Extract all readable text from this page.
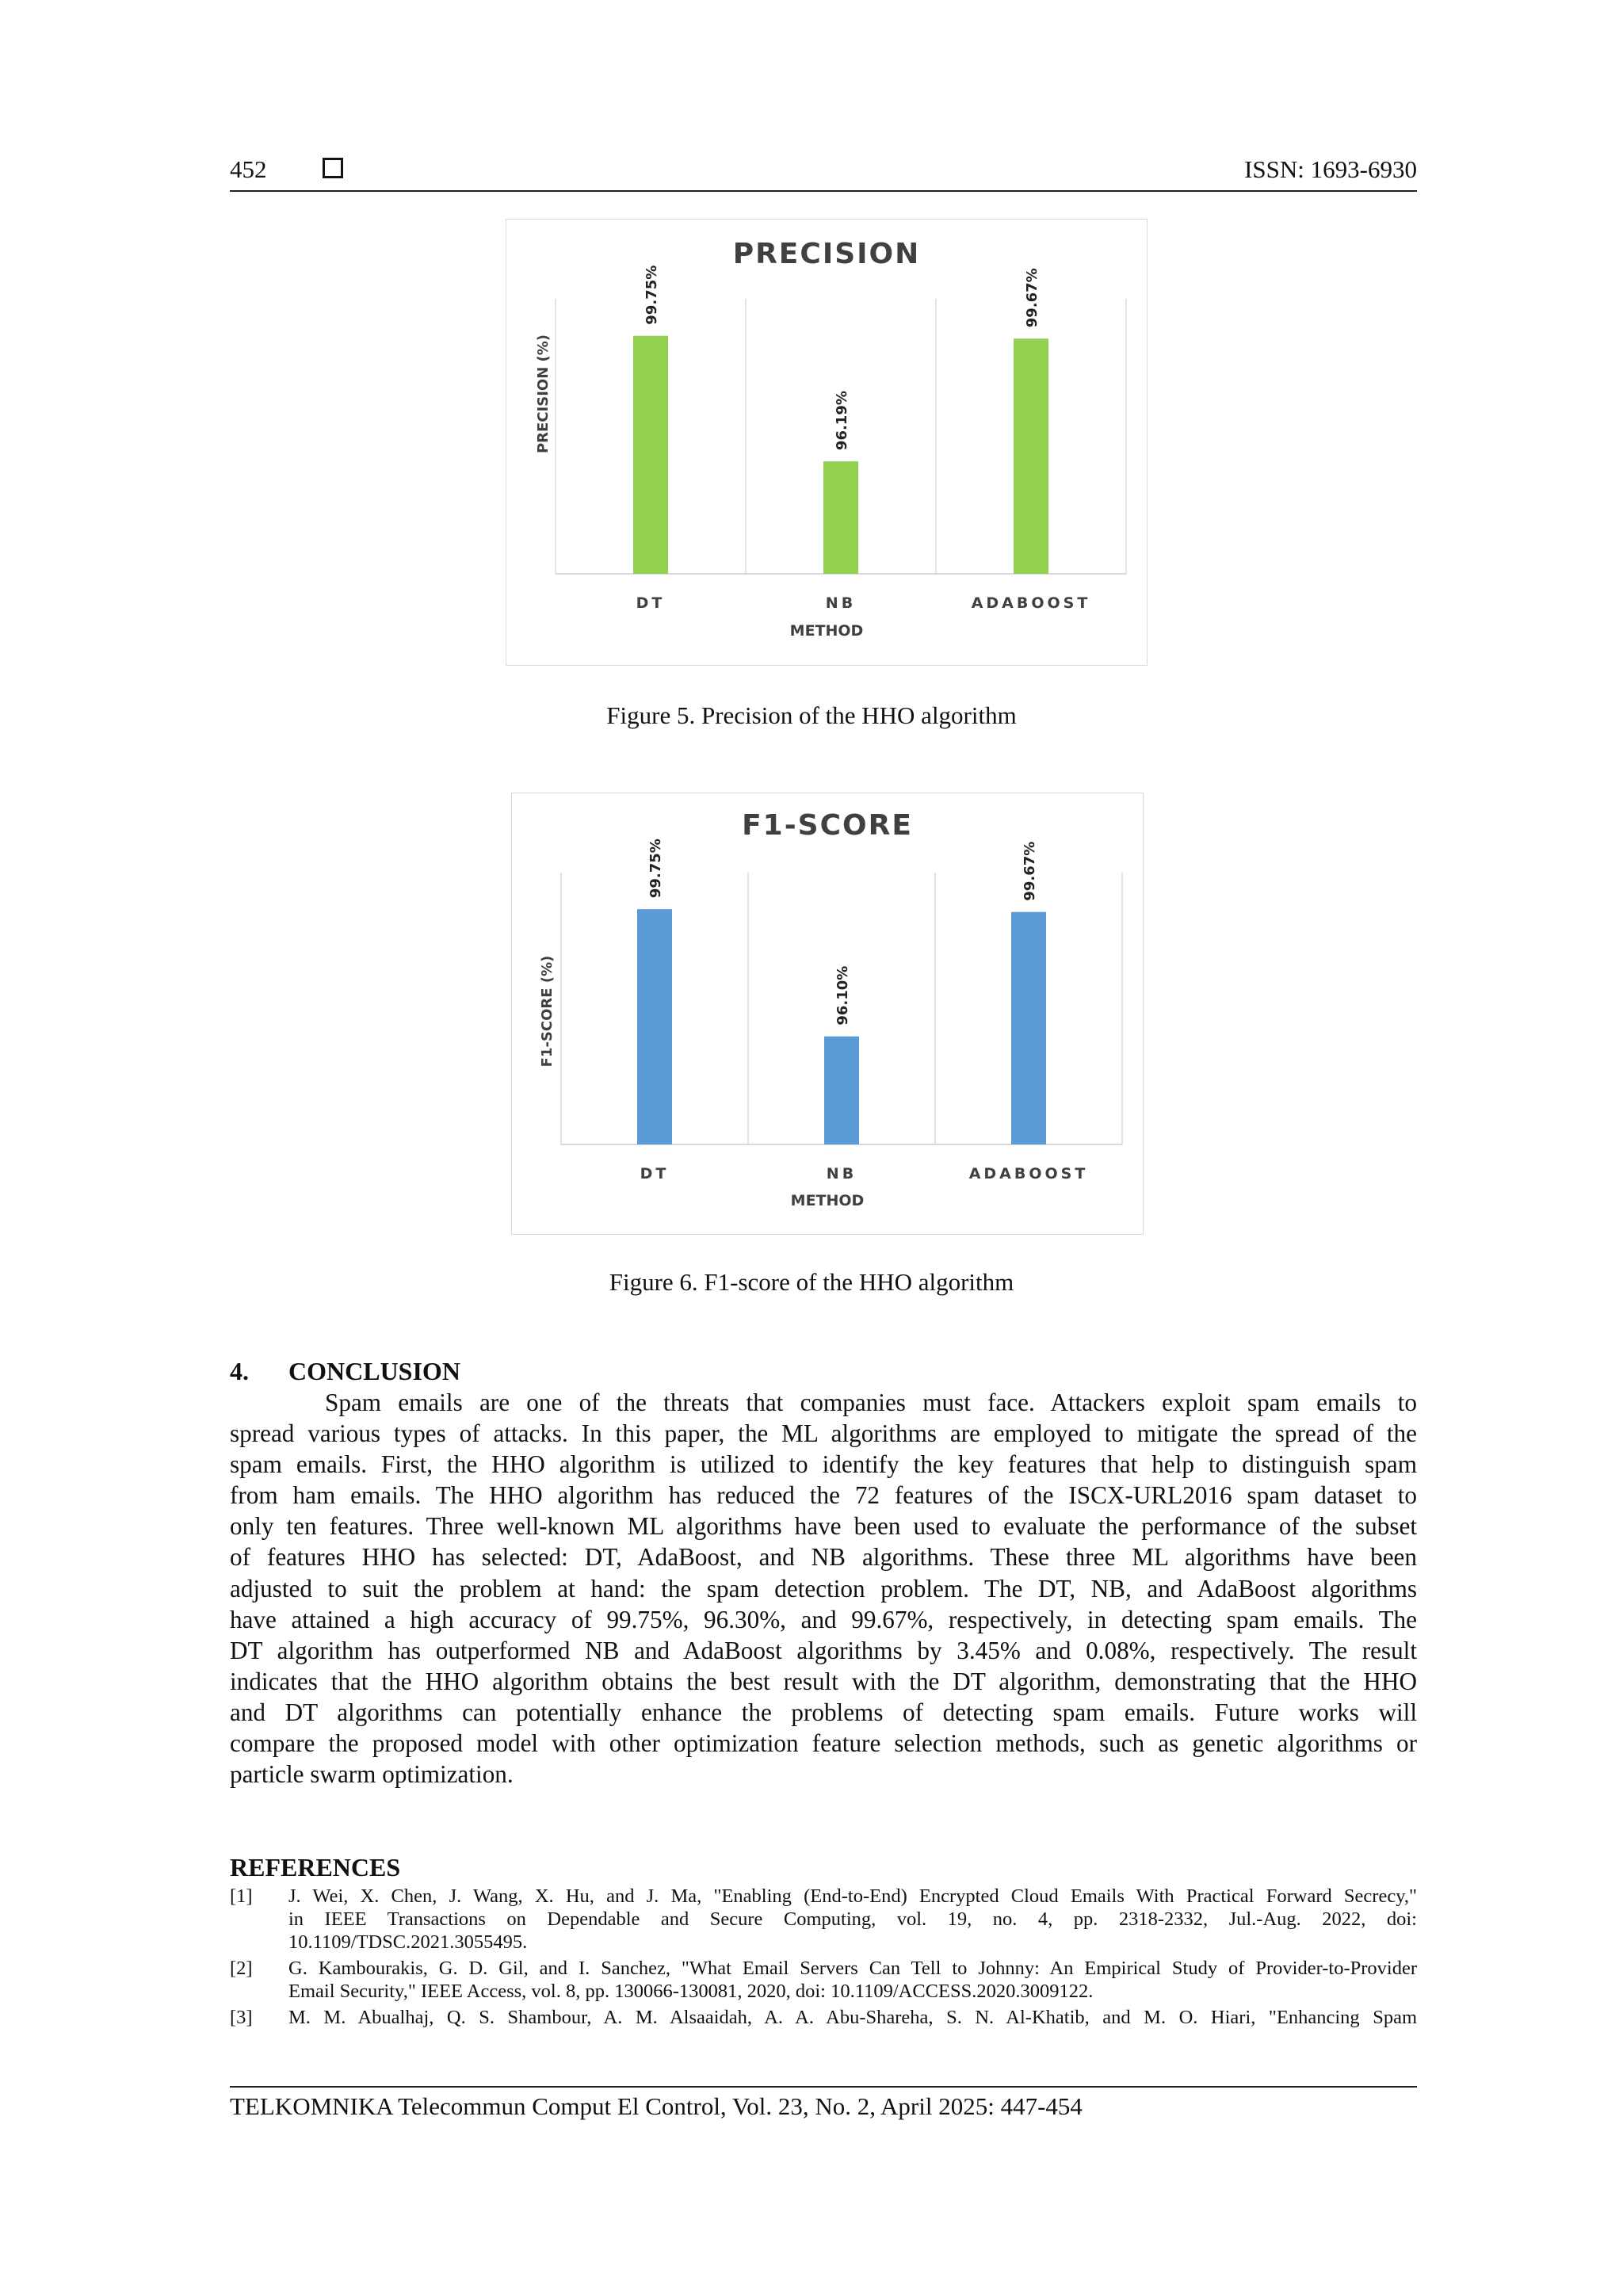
452	ISSN: 1693-6930
PRECISION
PRECISION (%)
METHOD
99.75%
DT
96.19%
NB
99.67%
ADABOOST
Figure 5. Precision of the HHO algorithm
F1-SCORE
F1-SCORE (%)
METHOD
99.75%
DT
96.10%
NB
99.67%
ADABOOST
Figure 6. F1-score of the HHO algorithm
4. CONCLUSION
Spam emails are one of the threats that companies must face. Attackers exploit spam emails to
spread various types of attacks. In this paper, the ML algorithms are employed to mitigate the spread of the
spam emails. First, the HHO algorithm is utilized to identify the key features that help to distinguish spam
from ham emails. The HHO algorithm has reduced the 72 features of the ISCX-URL2016 spam dataset to
only ten features. Three well-known ML algorithms have been used to evaluate the performance of the subset
of features HHO has selected: DT, AdaBoost, and NB algorithms. These three ML algorithms have been
adjusted to suit the problem at hand: the spam detection problem. The DT, NB, and AdaBoost algorithms
have attained a high accuracy of 99.75%, 96.30%, and 99.67%, respectively, in detecting spam emails. The
DT algorithm has outperformed NB and AdaBoost algorithms by 3.45% and 0.08%, respectively. The result
indicates that the HHO algorithm obtains the best result with the DT algorithm, demonstrating that the HHO
and DT algorithms can potentially enhance the problems of detecting spam emails. Future works will
compare the proposed model with other optimization feature selection methods, such as genetic algorithms or
particle swarm optimization.
REFERENCES
[1] J. Wei, X. Chen, J. Wang, X. Hu, and J. Ma, "Enabling (End-to-End) Encrypted Cloud Emails With Practical Forward Secrecy,"
in IEEE Transactions on Dependable and Secure Computing, vol. 19, no. 4, pp. 2318-2332, Jul.-Aug. 2022, doi:
10.1109/TDSC.2021.3055495.
[2] G. Kambourakis, G. D. Gil, and I. Sanchez, "What Email Servers Can Tell to Johnny: An Empirical Study of Provider-to-Provider
Email Security," IEEE Access, vol. 8, pp. 130066-130081, 2020, doi: 10.1109/ACCESS.2020.3009122.
[3] M. M. Abualhaj, Q. S. Shambour, A. M. Alsaaidah, A. A. Abu-Shareha, S. N. Al-Khatib, and M. O. Hiari, "Enhancing Spam
TELKOMNIKA Telecommun Comput El Control, Vol. 23, No. 2, April 2025: 447-454
